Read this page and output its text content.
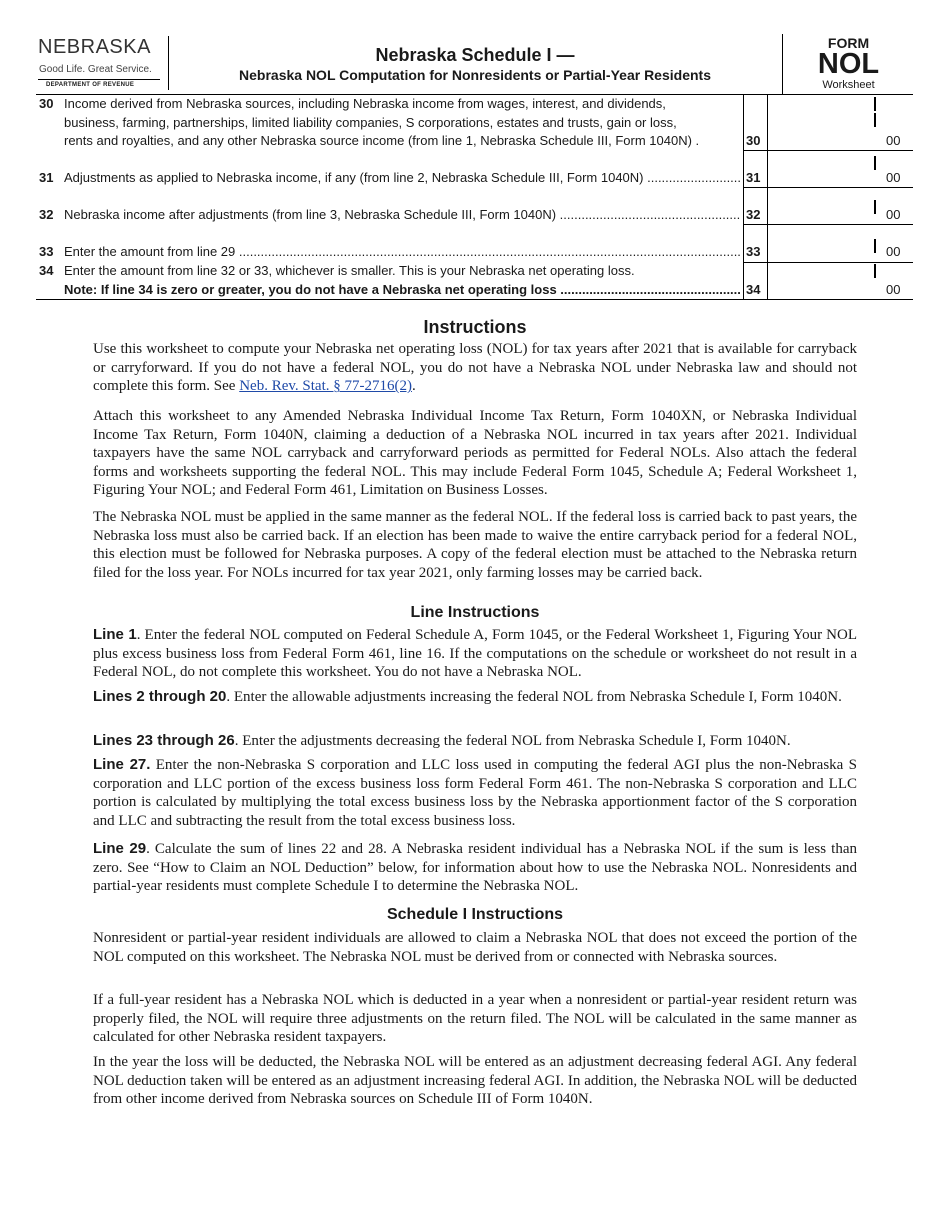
NEBRASKA
Good Life. Great Service.
DEPARTMENT OF REVENUE
Nebraska Schedule I —
Nebraska NOL Computation for Nonresidents or Partial-Year Residents
FORM
NOL
Worksheet
30 Income derived from Nebraska sources, including Nebraska income from wages, interest, and dividends,
business, farming, partnerships, limited liability companies, S corporations, estates and trusts, gain or loss,
rents and royalties, and any other Nebraska source income (from line 1, Nebraska Schedule III, Form 1040N) .	30	00
31 Adjustments as applied to Nebraska income, if any (from line 2, Nebraska Schedule III, Form 1040N) .....	31	00
32 Nebraska income after adjustments (from line 3, Nebraska Schedule III, Form 1040N) .....	32	00
33 Enter the amount from line 29 .....	33	00
34 Enter the amount from line 32 or 33, whichever is smaller. This is your Nebraska net operating loss.
Note: If line 34 is zero or greater, you do not have a Nebraska net operating loss .....	34	00
Instructions
Use this worksheet to compute your Nebraska net operating loss (NOL) for tax years after 2021 that is available for carryback or carryforward. If you do not have a federal NOL, you do not have a Nebraska NOL under Nebraska law and should not complete this form. See Neb. Rev. Stat. § 77-2716(2).
Attach this worksheet to any Amended Nebraska Individual Income Tax Return, Form 1040XN, or Nebraska Individual Income Tax Return, Form 1040N, claiming a deduction of a Nebraska NOL incurred in tax years after 2021. Individual taxpayers have the same NOL carryback and carryforward periods as permitted for Federal NOLs. Also attach the federal forms and worksheets supporting the federal NOL. This may include Federal Form 1045, Schedule A; Federal Worksheet 1, Figuring Your NOL; and Federal Form 461, Limitation on Business Losses.
The Nebraska NOL must be applied in the same manner as the federal NOL. If the federal loss is carried back to past years, the Nebraska loss must also be carried back. If an election has been made to waive the entire carryback period for a federal NOL, this election must be followed for Nebraska purposes. A copy of the federal election must be attached to the Nebraska return filed for the loss year. For NOLs incurred for tax year 2021, only farming losses may be carried back.
Line Instructions
Line 1. Enter the federal NOL computed on Federal Schedule A, Form 1045, or the Federal Worksheet 1, Figuring Your NOL plus excess business loss from Federal Form 461, line 16. If the computations on the schedule or worksheet do not result in a Federal NOL, do not complete this worksheet. You do not have a Nebraska NOL.
Lines 2 through 20. Enter the allowable adjustments increasing the federal NOL from Nebraska Schedule I, Form 1040N.
Lines 23 through 26. Enter the adjustments decreasing the federal NOL from Nebraska Schedule I, Form 1040N.
Line 27. Enter the non-Nebraska S corporation and LLC loss used in computing the federal AGI plus the non-Nebraska S corporation and LLC portion of the excess business loss form Federal Form 461. The non-Nebraska S corporation and LLC portion is calculated by multiplying the total excess business loss by the Nebraska apportionment factor of the S corporation and LLC and subtracting the result from the total excess business loss.
Line 29. Calculate the sum of lines 22 and 28. A Nebraska resident individual has a Nebraska NOL if the sum is less than zero. See “How to Claim an NOL Deduction” below, for information about how to use the Nebraska NOL. Nonresidents and partial-year residents must complete Schedule I to determine the Nebraska NOL.
Schedule I Instructions
Nonresident or partial-year resident individuals are allowed to claim a Nebraska NOL that does not exceed the portion of the NOL computed on this worksheet. The Nebraska NOL must be derived from or connected with Nebraska sources.
If a full-year resident has a Nebraska NOL which is deducted in a year when a nonresident or partial-year resident return was properly filed, the NOL will require three adjustments on the return filed. The NOL will be calculated in the same manner as calculated for other Nebraska resident taxpayers.
In the year the loss will be deducted, the Nebraska NOL will be entered as an adjustment decreasing federal AGI. Any federal NOL deduction taken will be entered as an adjustment increasing federal AGI. In addition, the Nebraska NOL will be deducted from other income derived from Nebraska sources on Schedule III of Form 1040N.
